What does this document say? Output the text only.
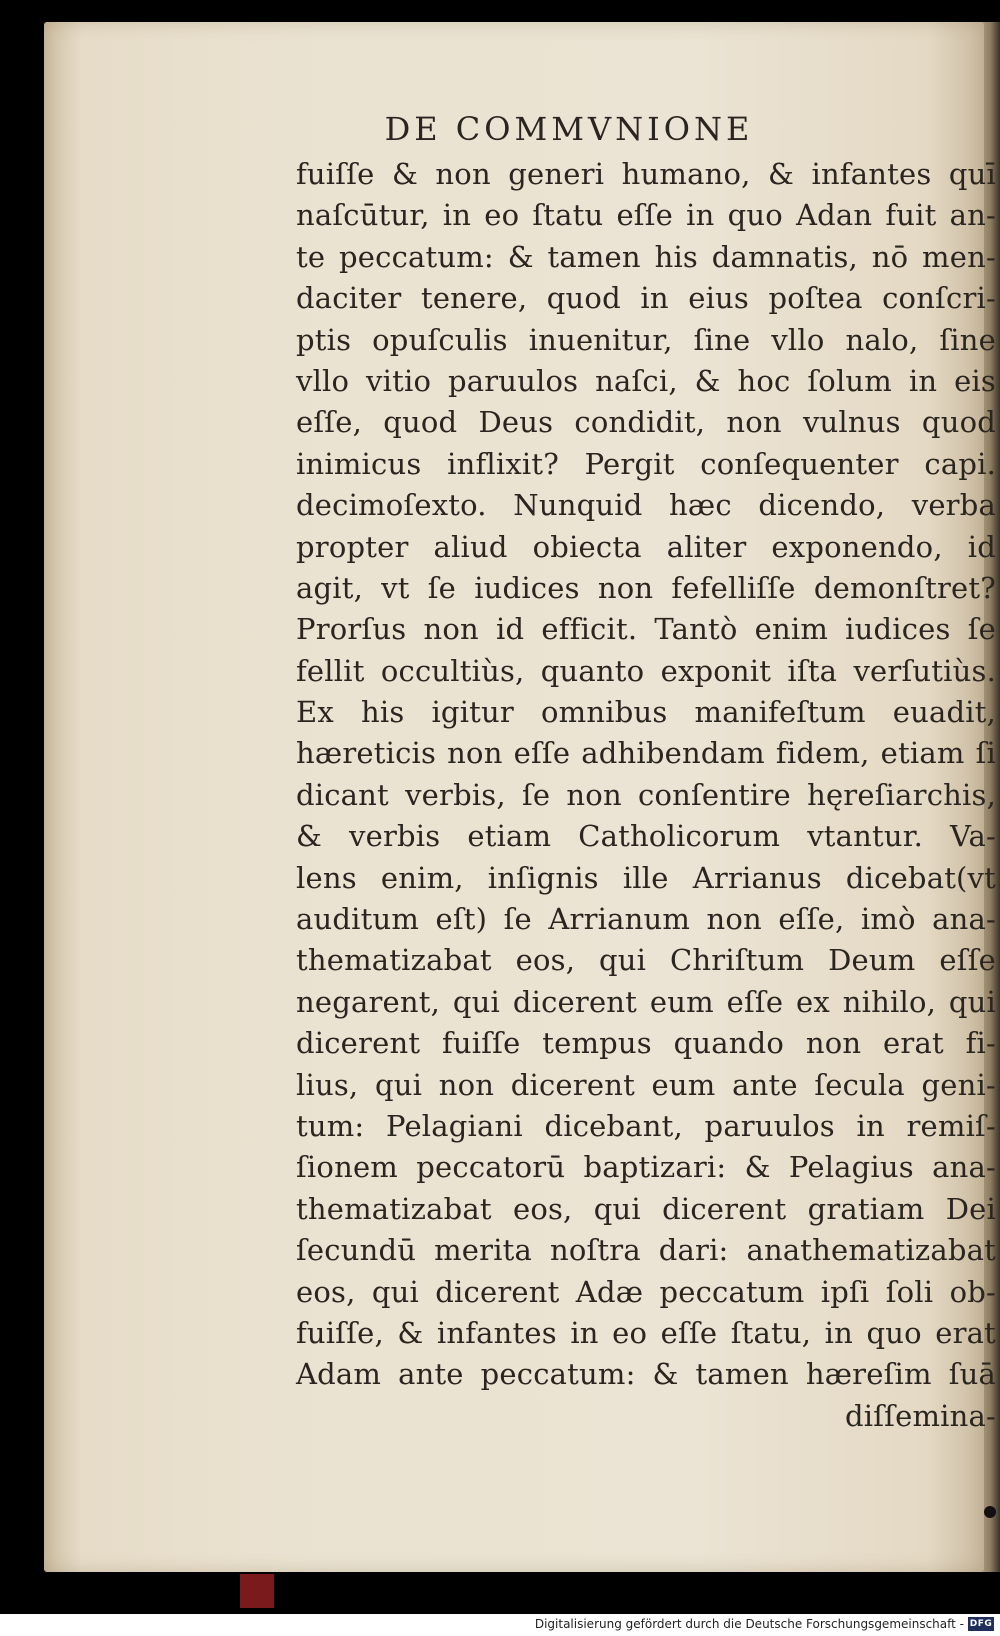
DE COMMVNIONE
fuiſſe & non generi humano, & infantes quī
naſcūtur, in eo ſtatu eſſe in quo Adan fuit an-
te peccatum: & tamen his damnatis, nō men-
daciter tenere, quod in eius poſtea conſcri-
ptis opuſculis inuenitur, ſine vllo nalo, ſine
vllo vitio paruulos naſci, & hoc ſolum in eis
eſſe, quod Deus condidit, non vulnus quod
inimicus inflixit? Pergit conſequenter capi.
decimoſexto. Nunquid hæc dicendo, verba
propter aliud obiecta aliter exponendo, id
agit, vt ſe iudices non fefelliſſe demonſtret?
Prorſus non id efficit. Tantò enim iudices ſe
fellit occultiùs, quanto exponit iſta verſutiùs.
Ex his igitur omnibus manifeſtum euadit,
hæreticis non eſſe adhibendam fidem, etiam ſi
dicant verbis, ſe non conſentire hęreſiarchis,
& verbis etiam Catholicorum vtantur. Va-
lens enim, inſignis ille Arrianus dicebat(vt
auditum eſt) ſe Arrianum non eſſe, imò ana-
thematizabat eos, qui Chriſtum Deum eſſe
negarent, qui dicerent eum eſſe ex nihilo, qui
dicerent fuiſſe tempus quando non erat fi-
lius, qui non dicerent eum ante ſecula geni-
tum: Pelagiani dicebant, paruulos in remiſ-
ſionem peccatorū baptizari: & Pelagius ana-
thematizabat eos, qui dicerent gratiam Dei
ſecundū merita noſtra dari: anathematizabat
eos, qui dicerent Adæ peccatum ipſi ſoli ob-
fuiſſe, & infantes in eo eſſe ſtatu, in quo erat
Adam ante peccatum: & tamen hæreſim ſuā
diſſemina-
Digitalisierung gefördert durch die Deutsche Forschungsgemeinschaft - DFG
